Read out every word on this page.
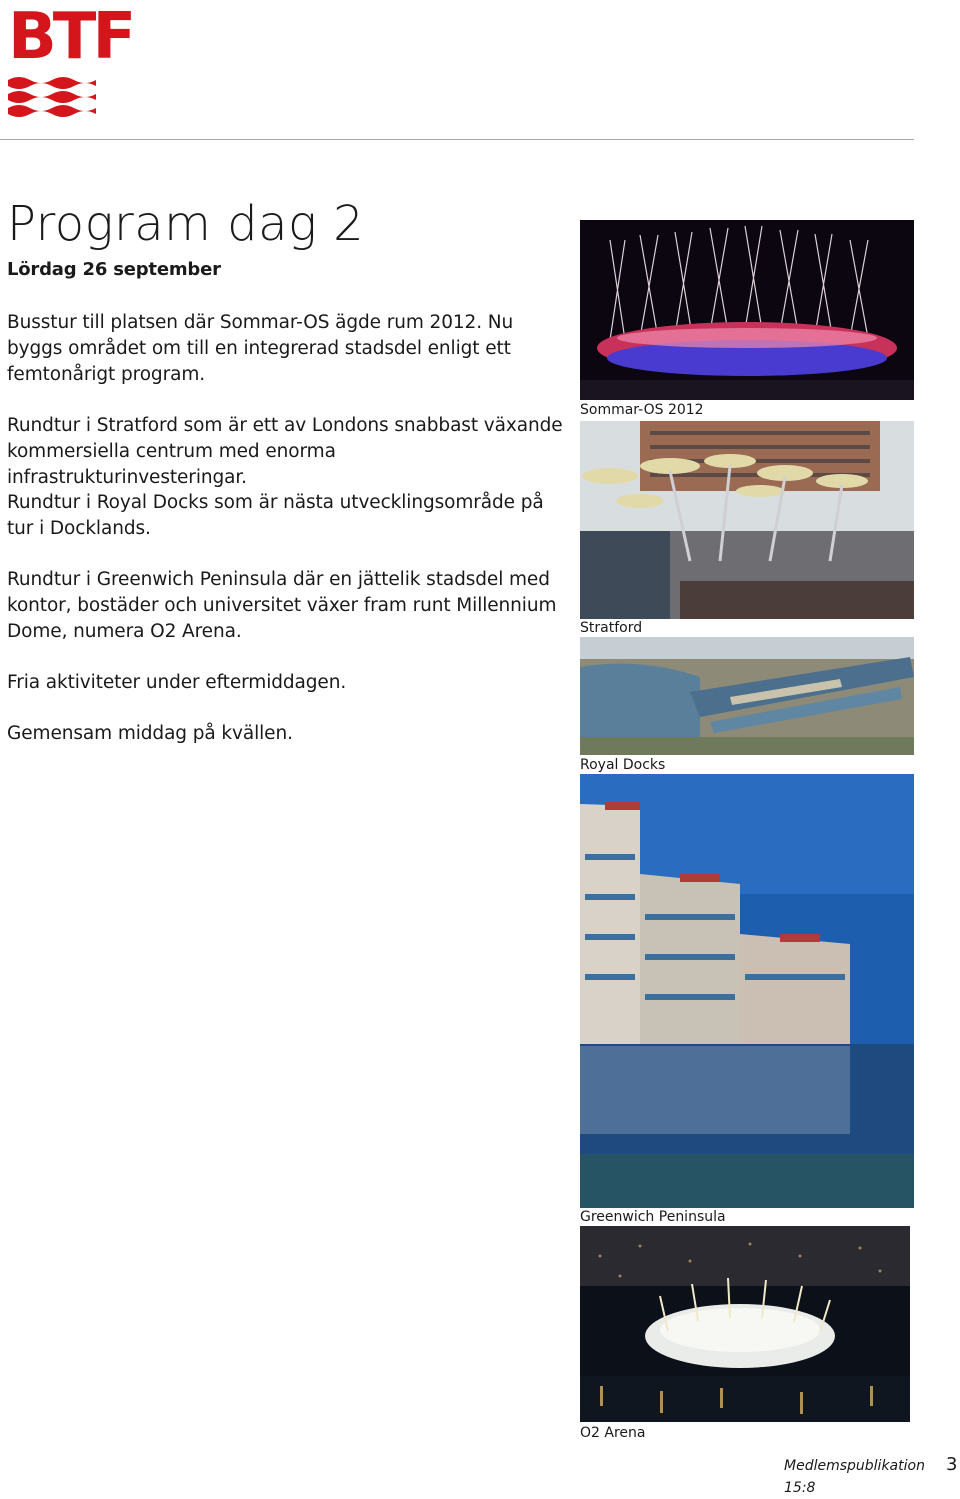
BTF
Program dag 2
Lördag 26 september

Busstur till platsen där Sommar-OS ägde rum 2012. Nu byggs området om till en integrerad stadsdel enligt ett femtonårigt program.

Rundtur i Stratford som är ett av Londons snabbast växande kommersiella centrum med enorma infrastrukturinvesteringar.

Rundtur i Royal Docks som är nästa utvecklingsområde på tur i Docklands.

Rundtur i Greenwich Peninsula där en jättelik stadsdel med kontor, bostäder och universitet växer fram runt Millennium Dome, numera O2 Arena.

Fria aktiviteter under eftermiddagen.

Gemensam middag på kvällen.

Sommar-OS 2012
Stratford
Royal Docks
Greenwich Peninsula
O2 Arena
Medlemspublikation 15:8
3
